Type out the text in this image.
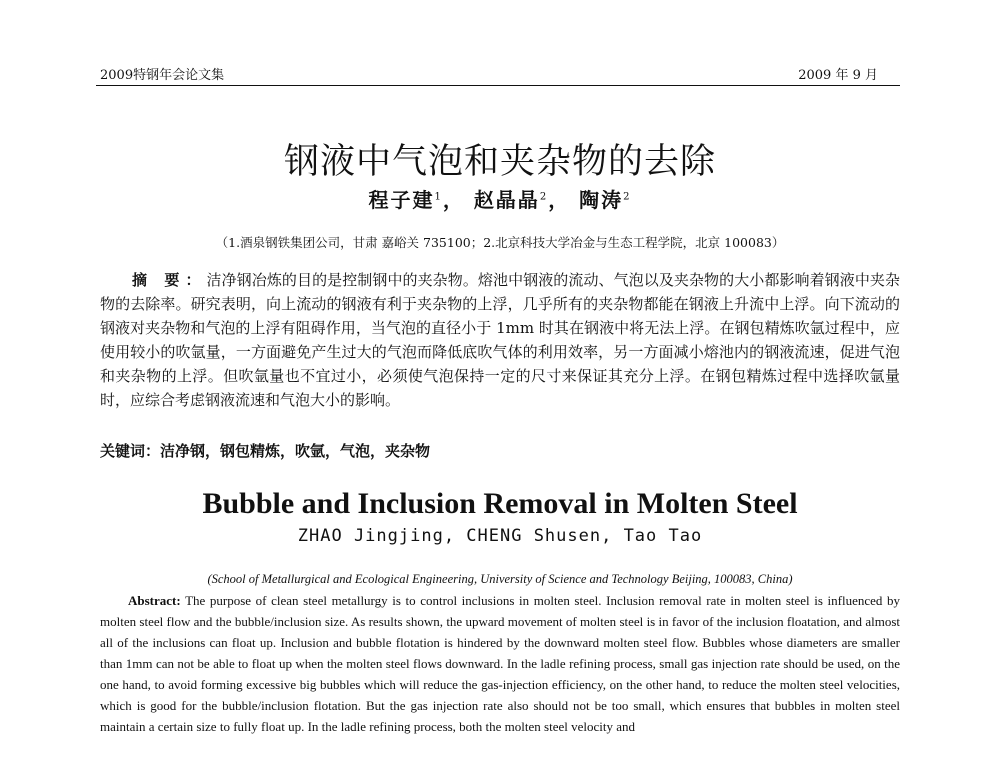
2009特钢年会论文集	2009 年 9 月
钢液中气泡和夹杂物的去除
程子建$^1$， 赵晶晶$^2$， 陶涛$^2$
（1.酒泉钢铁集团公司，甘肃 嘉峪关 735100；2.北京科技大学冶金与生态工程学院，北京 100083）

摘 要：洁净钢冶炼的目的是控制钢中的夹杂物。熔池中钢液的流动、气泡以及夹杂物的大小都影响着钢液中夹杂物的去除率。研究表明，向上流动的钢液有利于夹杂物的上浮，几乎所有的夹杂物都能在钢液上升流中上浮。向下流动的钢液对夹杂物和气泡的上浮有阻碍作用，当气泡的直径小于 1mm 时其在钢液中将无法上浮。在钢包精炼吹氩过程中，应使用较小的吹氩量，一方面避免产生过大的气泡而降低底吹气体的利用效率，另一方面减小熔池内的钢液流速，促进气泡和夹杂物的上浮。但吹氩量也不宜过小，必须使气泡保持一定的尺寸来保证其充分上浮。在钢包精炼过程中选择吹氩量时，应综合考虑钢液流速和气泡大小的影响。

关键词：洁净钢，钢包精炼，吹氩，气泡，夹杂物
Bubble and Inclusion Removal in Molten Steel
ZHAO Jingjing, CHENG Shusen, Tao Tao
(School of Metallurgical and Ecological Engineering, University of Science and Technology Beijing, 100083, China)

Abstract: The purpose of clean steel metallurgy is to control inclusions in molten steel. Inclusion removal rate in molten steel is influenced by molten steel flow and the bubble/inclusion size. As results shown, the upward movement of molten steel is in favor of the inclusion floatation, and almost all of the inclusions can float up. Inclusion and bubble flotation is hindered by the downward molten steel flow. Bubbles whose diameters are smaller than 1mm can not be able to float up when the molten steel flows downward. In the ladle refining process, small gas injection rate should be used, on the one hand, to avoid forming excessive big bubbles which will reduce the gas-injection efficiency, on the other hand, to reduce the molten steel velocities, which is good for the bubble/inclusion flotation. But the gas injection rate also should not be too small, which ensures that bubbles in molten steel maintain a certain size to fully float up. In the ladle refining process, both the molten steel velocity and
